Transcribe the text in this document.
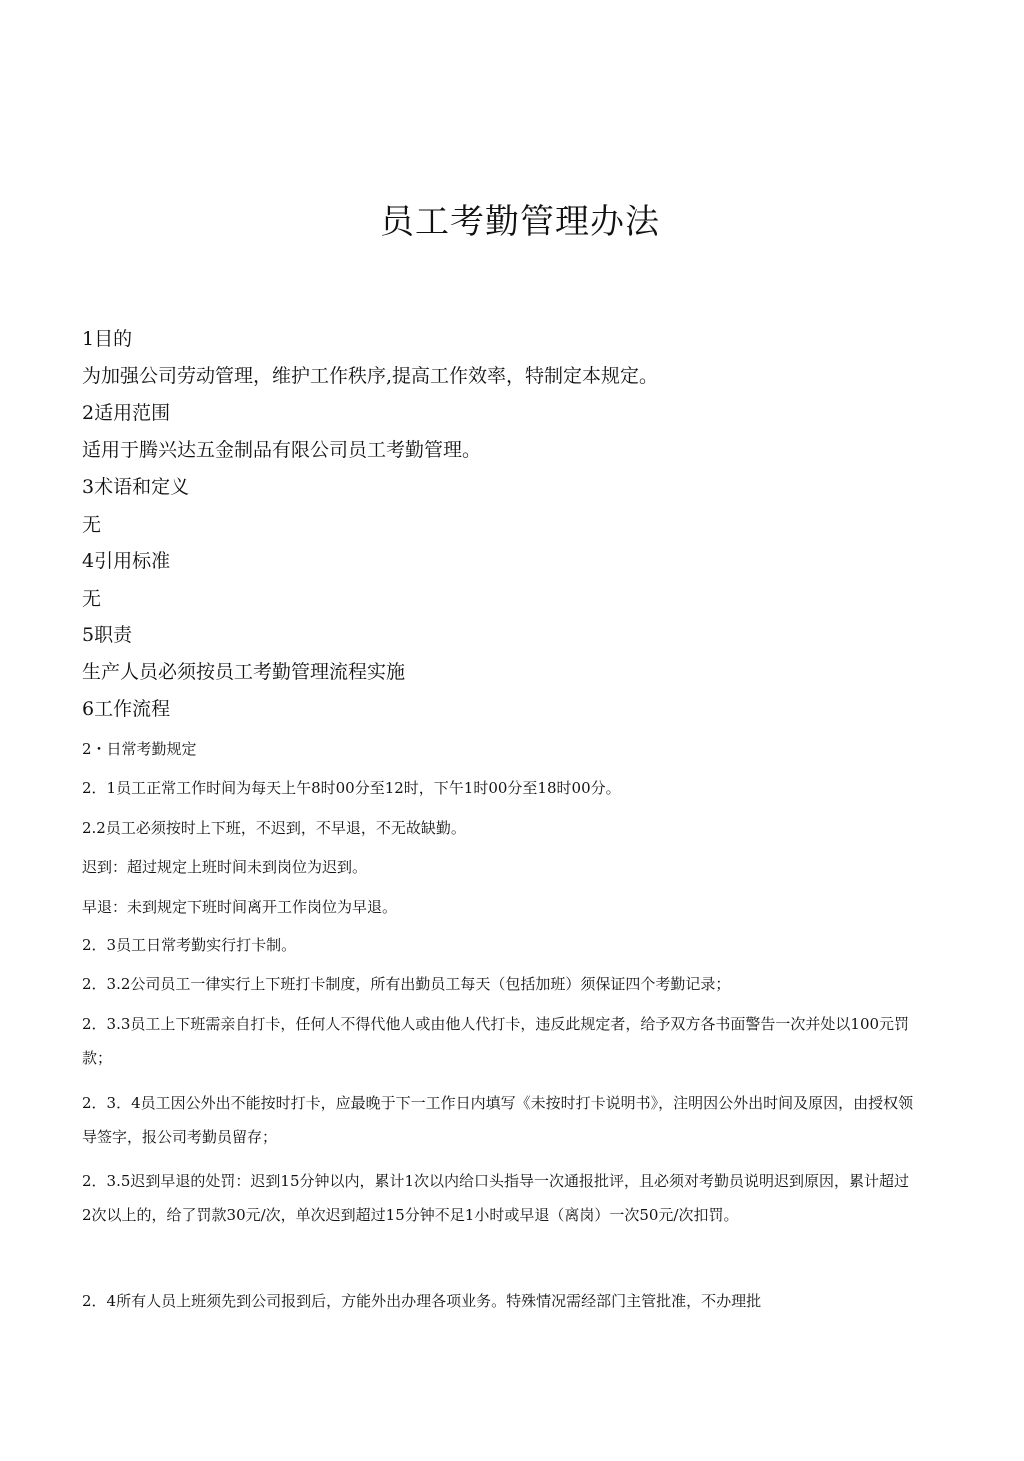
员工考勤管理办法
1目的
为加强公司劳动管理，维护工作秩序,提高工作效率，特制定本规定。
2适用范围
适用于腾兴达五金制品有限公司员工考勤管理。
3术语和定义
无
4引用标准
无
5职责
生产人员必须按员工考勤管理流程实施
6工作流程
2・日常考勤规定
2．1员工正常工作时间为每天上午8时00分至12时，下午1时00分至18时00分。
2.2员工必须按时上下班，不迟到，不早退，不无故缺勤。
迟到：超过规定上班时间未到岗位为迟到。
早退：未到规定下班时间离开工作岗位为早退。
2．3员工日常考勤实行打卡制。
2．3.2公司员工一律实行上下班打卡制度，所有出勤员工每天（包括加班）须保证四个考勤记录；
2．3.3员工上下班需亲自打卡，任何人不得代他人或由他人代打卡，违反此规定者，给予双方各书面警告一次并处以100元罚款；
2．3．4员工因公外出不能按时打卡，应最晚于下一工作日内填写《未按时打卡说明书》，注明因公外出时间及原因，由授权领导签字，报公司考勤员留存；
2．3.5迟到早退的处罚：迟到15分钟以内，累计1次以内给口头指导一次通报批评，且必须对考勤员说明迟到原因，累计超过2次以上的，给了罚款30元/次，单次迟到超过15分钟不足1小时或早退（离岗）一次50元/次扣罚。
2．4所有人员上班须先到公司报到后，方能外出办理各项业务。特殊情况需经部门主管批准，不办理批
